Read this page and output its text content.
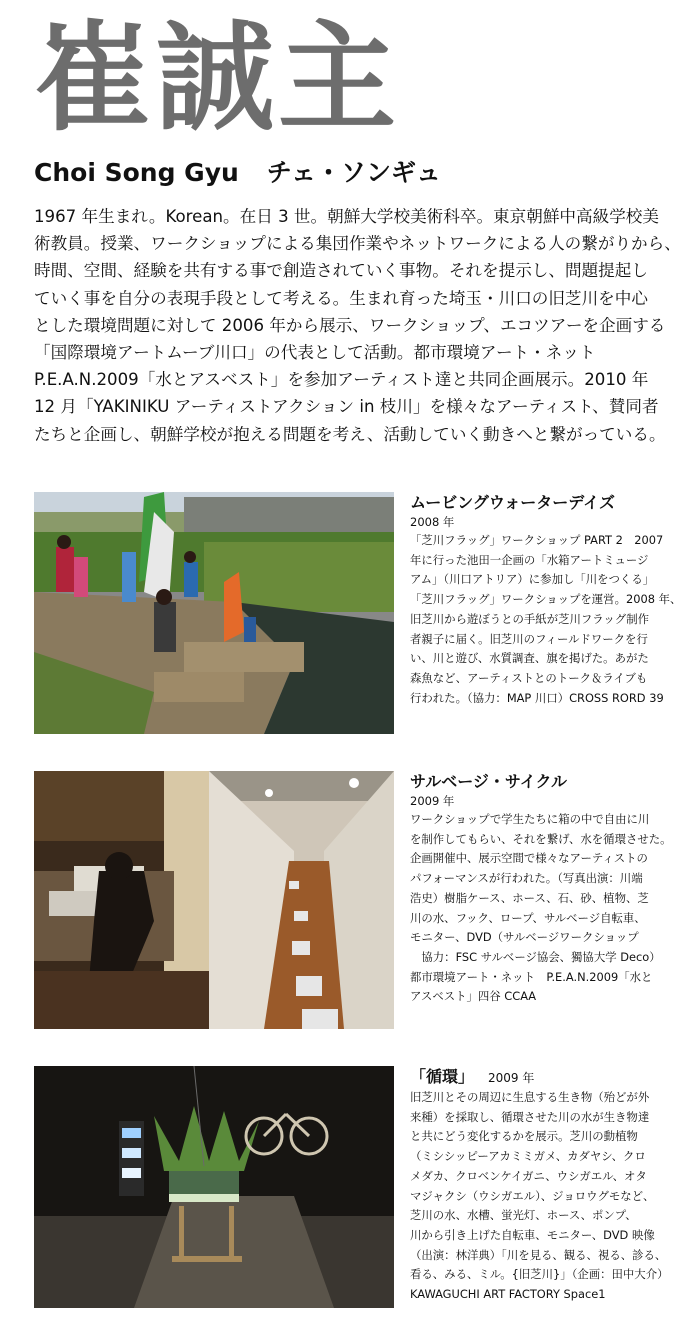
崔誠主
Choi Song Gyu チェ・ソンギュ
1967 年生まれ。Korean。在日 3 世。朝鮮大学校美術科卒。東京朝鮮中高級学校美
術教員。授業、ワークショップによる集団作業やネットワークによる人の繋がりから、
時間、空間、経験を共有する事で創造されていく事物。それを提示し、問題提起し
ていく事を自分の表現手段として考える。生まれ育った埼玉・川口の旧芝川を中心
とした環境問題に対して 2006 年から展示、ワークショップ、エコツアーを企画する
「国際環境アートムーブ川口」の代表として活動。都市環境アート・ネット
P.E.A.N.2009「水とアスベスト」を参加アーティスト達と共同企画展示。2010 年
12 月「YAKINIKU アーティストアクション in 枝川」を様々なアーティスト、賛同者
たちと企画し、朝鮮学校が抱える問題を考え、活動していく動きへと繋がっている。
ムービングウォーターデイズ
2008 年
「芝川フラッグ」ワークショップ PART 2　2007
年に行った池田一企画の「水箱アートミュージ
アム」（川口アトリア）に参加し「川をつくる」
「芝川フラッグ」ワークショップを運営。2008 年、
旧芝川から遊ぼうとの手紙が芝川フラッグ制作
者親子に届く。旧芝川のフィールドワークを行
い、川と遊び、水質調査、旗を掲げた。あがた
森魚など、アーティストとのトーク＆ライブも
行われた。（協力：MAP 川口）CROSS RORD 39
サルベージ・サイクル
2009 年
ワークショップで学生たちに箱の中で自由に川
を制作してもらい、それを繋げ、水を循環させた。
企画開催中、展示空間で様々なアーティストの
パフォーマンスが行われた。（写真出演：川端
浩史）樹脂ケース、ホース、石、砂、植物、芝
川の水、フック、ロープ、サルベージ自転車、
モニター、DVD（サルベージワークショップ
　協力：FSC サルベージ協会、獨協大学 Deco）
都市環境アート・ネット　P.E.A.N.2009「水と
アスベスト」四谷 CCAA
「循環」 2009 年
旧芝川とその周辺に生息する生き物（殆どが外
来種）を採取し、循環させた川の水が生き物達
と共にどう変化するかを展示。芝川の動植物
（ミシシッピーアカミミガメ、カダヤシ、クロ
メダカ、クロベンケイガニ、ウシガエル、オタ
マジャクシ（ウシガエル）、ジョロウグモなど、
芝川の水、水槽、蛍光灯、ホース、ポンプ、
川から引き上げた自転車、モニター、DVD 映像
（出演：林洋典）「川を見る、観る、視る、診る、
看る、みる、ミル。{旧芝川}」（企画：田中大介）
KAWAGUCHI ART FACTORY Space1
